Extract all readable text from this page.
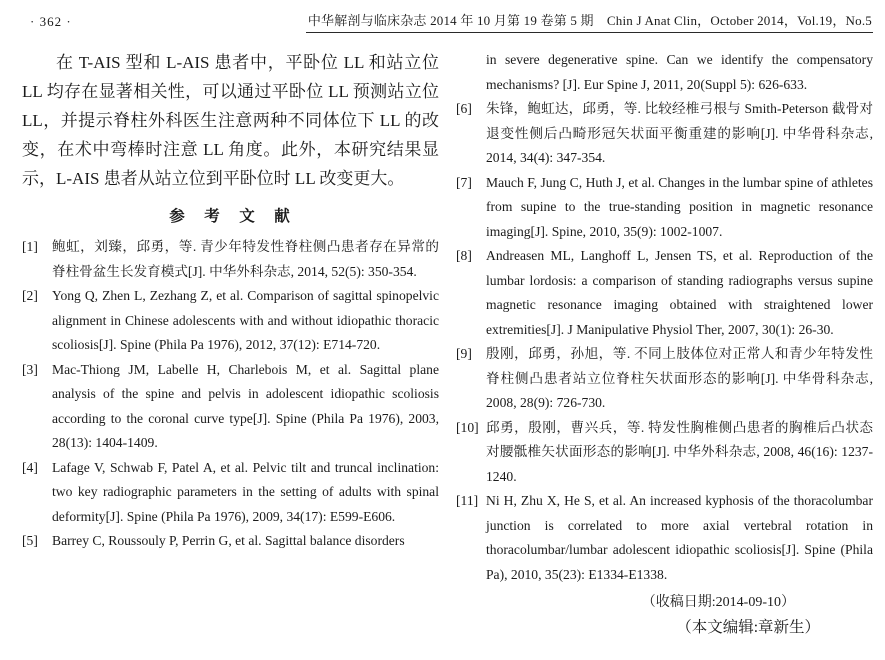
· 362 ·	中华解剖与临床杂志 2014 年 10 月第 19 卷第 5 期　Chin J Anat Clin，October 2014，Vol.19，No.5

在 T-AIS 型和 L-AIS 患者中，平卧位 LL 和站立位 LL 均存在显著相关性，可以通过平卧位 LL 预测站立位 LL，并提示脊柱外科医生注意两种不同体位下 LL 的改变，在术中弯棒时注意 LL 角度。此外，本研究结果显示，L-AIS 患者从站立位到平卧位时 LL 改变更大。

参　考　文　献
[1]	鲍虹，刘臻，邱勇，等. 青少年特发性脊柱侧凸患者存在异常的脊柱骨盆生长发育模式[J]. 中华外科杂志, 2014, 52(5): 350-354.
[2]	Yong Q, Zhen L, Zezhang Z, et al. Comparison of sagittal spinopelvic alignment in Chinese adolescents with and without idiopathic thoracic scoliosis[J]. Spine (Phila Pa 1976), 2012, 37(12): E714-720.
[3]	Mac-Thiong JM, Labelle H, Charlebois M, et al. Sagittal plane analysis of the spine and pelvis in adolescent idiopathic scoliosis according to the coronal curve type[J]. Spine (Phila Pa 1976), 2003, 28(13): 1404-1409.
[4]	Lafage V, Schwab F, Patel A, et al. Pelvic tilt and truncal inclination: two key radiographic parameters in the setting of adults with spinal deformity[J]. Spine (Phila Pa 1976), 2009, 34(17): E599-E606.
[5]	Barrey C, Roussouly P, Perrin G, et al. Sagittal balance disorders

in severe degenerative spine. Can we identify the compensatory mechanisms? [J]. Eur Spine J, 2011, 20(Suppl 5): 626-633.

[6]	朱锋，鲍虹达，邱勇，等. 比较经椎弓根与 Smith-Peterson 截骨对退变性侧后凸畸形冠矢状面平衡重建的影响[J]. 中华骨科杂志, 2014, 34(4): 347-354.
[7]	Mauch F, Jung C, Huth J, et al. Changes in the lumbar spine of athletes from supine to the true-standing position in magnetic resonance imaging[J]. Spine, 2010, 35(9): 1002-1007.
[8]	Andreasen ML, Langhoff L, Jensen TS, et al. Reproduction of the lumbar lordosis: a comparison of standing radiographs versus supine magnetic resonance imaging obtained with straightened lower extremities[J]. J Manipulative Physiol Ther, 2007, 30(1): 26-30.
[9]	殷刚，邱勇，孙旭，等. 不同上肢体位对正常人和青少年特发性脊柱侧凸患者站立位脊柱矢状面形态的影响[J]. 中华骨科杂志, 2008, 28(9): 726-730.
[10] 邱勇，殷刚，曹兴兵，等. 特发性胸椎侧凸患者的胸椎后凸状态对腰骶椎矢状面形态的影响[J]. 中华外科杂志, 2008, 46(16): 1237-1240.
[11] Ni H, Zhu X, He S, et al. An increased kyphosis of the thoracolumbar junction is correlated to more axial vertebral rotation in thoracolumbar/lumbar adolescent idiopathic scoliosis[J]. Spine (Phila Pa), 2010, 35(23): E1334-E1338.

（收稿日期:2014-09-10）

（本文编辑:章新生）
